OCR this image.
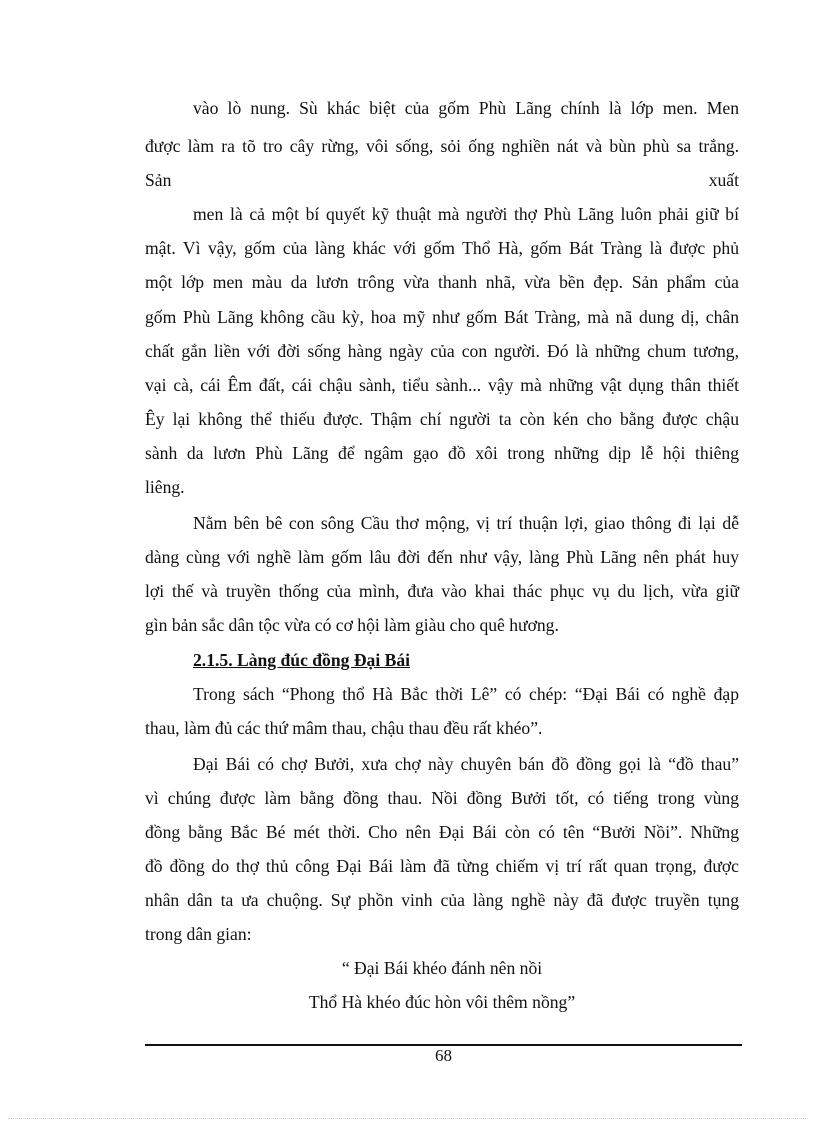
vào lò nung. Sù khác biệt của gốm Phù Lãng chính là lớp men. Men
được làm ra tõ tro cây rừng, vôi sống, sỏi ống nghiền nát và bùn phù sa trắng.
Sản	xuất
men là cả một bí quyết kỹ thuật mà người thợ Phù Lãng luôn phải giữ bí
mật. Vì vậy, gốm của làng khác với gốm Thổ Hà, gốm Bát Tràng là được phủ
một lớp men màu da lươn trông vừa thanh nhã, vừa bền đẹp. Sản phẩm của
gốm Phù Lãng không cầu kỳ, hoa mỹ như gốm Bát Tràng, mà nã dung dị, chân
chất gắn liền với đời sống hàng ngày của con người. Đó là những chum tương,
vại cà, cái Êm đất, cái chậu sành, tiểu sành... vậy mà những vật dụng thân thiết
Êy lại không thể thiếu được. Thậm chí người ta còn kén cho bằng được chậu
sành da lươn Phù Lãng để ngâm gạo đồ xôi trong những dịp lễ hội thiêng
liêng.
Nằm bên bê con sông Cầu thơ mộng, vị trí thuận lợi, giao thông đi lại dễ
dàng cùng với nghề làm gốm lâu đời đến như vậy, làng Phù Lãng nên phát huy
lợi thế và truyền thống của mình, đưa vào khai thác phục vụ du lịch, vừa giữ
gìn bản sắc dân tộc vừa có cơ hội làm giàu cho quê hương.
2.1.5. Làng đúc đồng Đại Bái
Trong sách “Phong thổ Hà Bắc thời Lê” có chép: “Đại Bái có nghề đạp
thau, làm đủ các thứ mâm thau, chậu thau đều rất khéo”.
Đại Bái có chợ Bưởi, xưa chợ này chuyên bán đồ đồng gọi là “đồ thau”
vì chúng được làm bằng đồng thau. Nồi đồng Bưởi tốt, có tiếng trong vùng
đồng bằng Bắc Bé mét thời. Cho nên Đại Bái còn có tên “Bưởi Nồi”. Những
đồ đồng do thợ thủ công Đại Bái làm đã từng chiếm vị trí rất quan trọng, được
nhân dân ta ưa chuộng. Sự phồn vinh của làng nghề này đã được truyền tụng
trong dân gian:
“ Đại Bái khéo đánh nên nồi
Thổ Hà khéo đúc hòn vôi thêm nồng”
68
